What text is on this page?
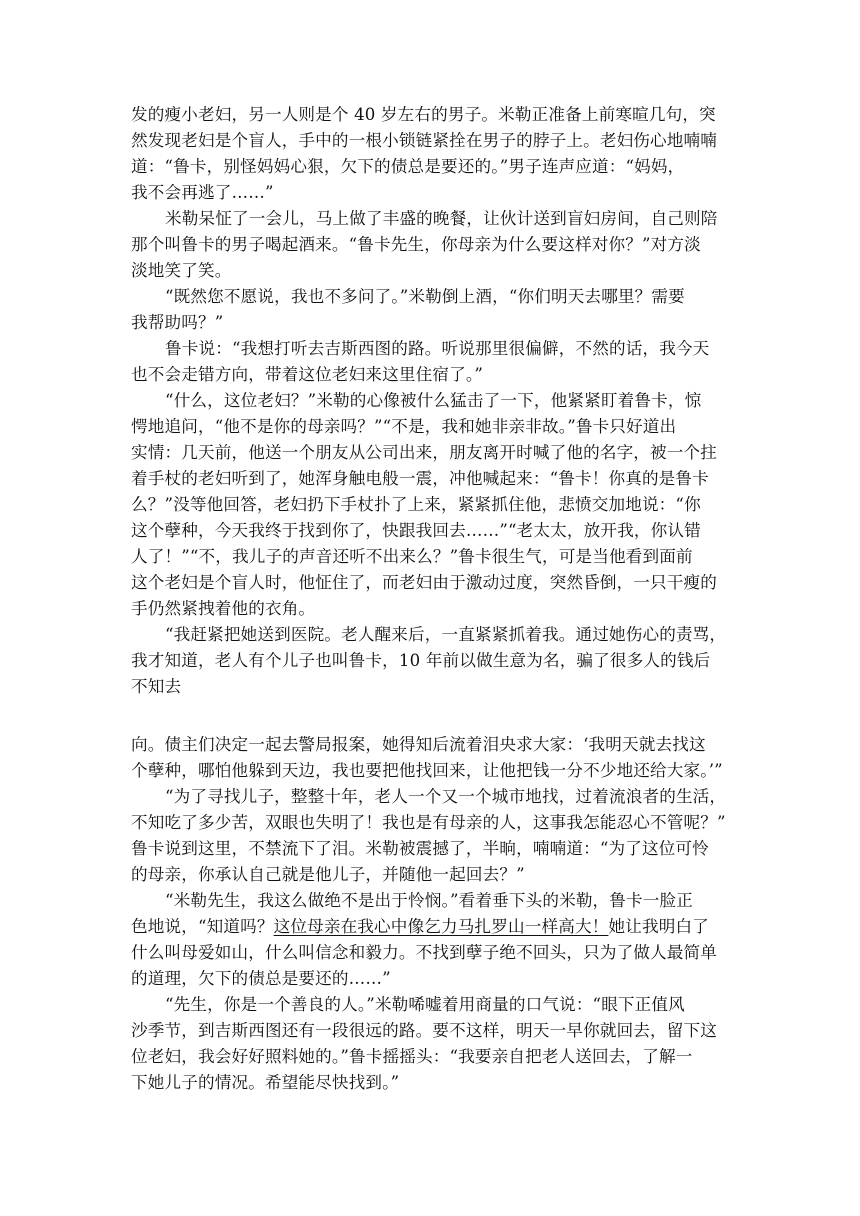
发的瘦小老妇，另一人则是个 40 岁左右的男子。米勒正准备上前寒暄几句，突
然发现老妇是个盲人，手中的一根小锁链紧拴在男子的脖子上。老妇伤心地喃喃
道：“鲁卡，别怪妈妈心狠，欠下的债总是要还的。”男子连声应道：“妈妈，
我不会再逃了……”
米勒呆怔了一会儿，马上做了丰盛的晚餐，让伙计送到盲妇房间，自己则陪
那个叫鲁卡的男子喝起酒来。“鲁卡先生，你母亲为什么要这样对你？”对方淡
淡地笑了笑。
“既然您不愿说，我也不多问了。”米勒倒上酒，“你们明天去哪里？需要
我帮助吗？”
鲁卡说：“我想打听去吉斯西图的路。听说那里很偏僻，不然的话，我今天
也不会走错方向，带着这位老妇来这里住宿了。”
“什么，这位老妇？”米勒的心像被什么猛击了一下，他紧紧盯着鲁卡，惊
愕地追问，“他不是你的母亲吗？”“不是，我和她非亲非故。”鲁卡只好道出
实情：几天前，他送一个朋友从公司出来，朋友离开时喊了他的名字，被一个拄
着手杖的老妇听到了，她浑身触电般一震，冲他喊起来：“鲁卡！你真的是鲁卡
么？”没等他回答，老妇扔下手杖扑了上来，紧紧抓住他，悲愤交加地说：“你
这个孽种，今天我终于找到你了，快跟我回去……”“老太太，放开我，你认错
人了！”“不，我儿子的声音还听不出来么？”鲁卡很生气，可是当他看到面前
这个老妇是个盲人时，他怔住了，而老妇由于激动过度，突然昏倒，一只干瘦的
手仍然紧拽着他的衣角。
“我赶紧把她送到医院。老人醒来后，一直紧紧抓着我。通过她伤心的责骂，
我才知道，老人有个儿子也叫鲁卡，10 年前以做生意为名，骗了很多人的钱后
不知去
向。债主们决定一起去警局报案，她得知后流着泪央求大家：‘我明天就去找这
个孽种，哪怕他躲到天边，我也要把他找回来，让他把钱一分不少地还给大家。’”
“为了寻找儿子，整整十年，老人一个又一个城市地找，过着流浪者的生活，
不知吃了多少苦，双眼也失明了！我也是有母亲的人，这事我怎能忍心不管呢？”
鲁卡说到这里，不禁流下了泪。米勒被震撼了，半晌，喃喃道：“为了这位可怜
的母亲，你承认自己就是他儿子，并随他一起回去？”
“米勒先生，我这么做绝不是出于怜悯。”看着垂下头的米勒，鲁卡一脸正
色地说，“知道吗？这位母亲在我心中像乞力马扎罗山一样高大！她让我明白了
什么叫母爱如山，什么叫信念和毅力。不找到孽子绝不回头，只为了做人最简单
的道理，欠下的债总是要还的……”
“先生，你是一个善良的人。”米勒唏嘘着用商量的口气说：“眼下正值风
沙季节，到吉斯西图还有一段很远的路。要不这样，明天一早你就回去，留下这
位老妇，我会好好照料她的。”鲁卡摇摇头：“我要亲自把老人送回去，了解一
下她儿子的情况。希望能尽快找到。”
